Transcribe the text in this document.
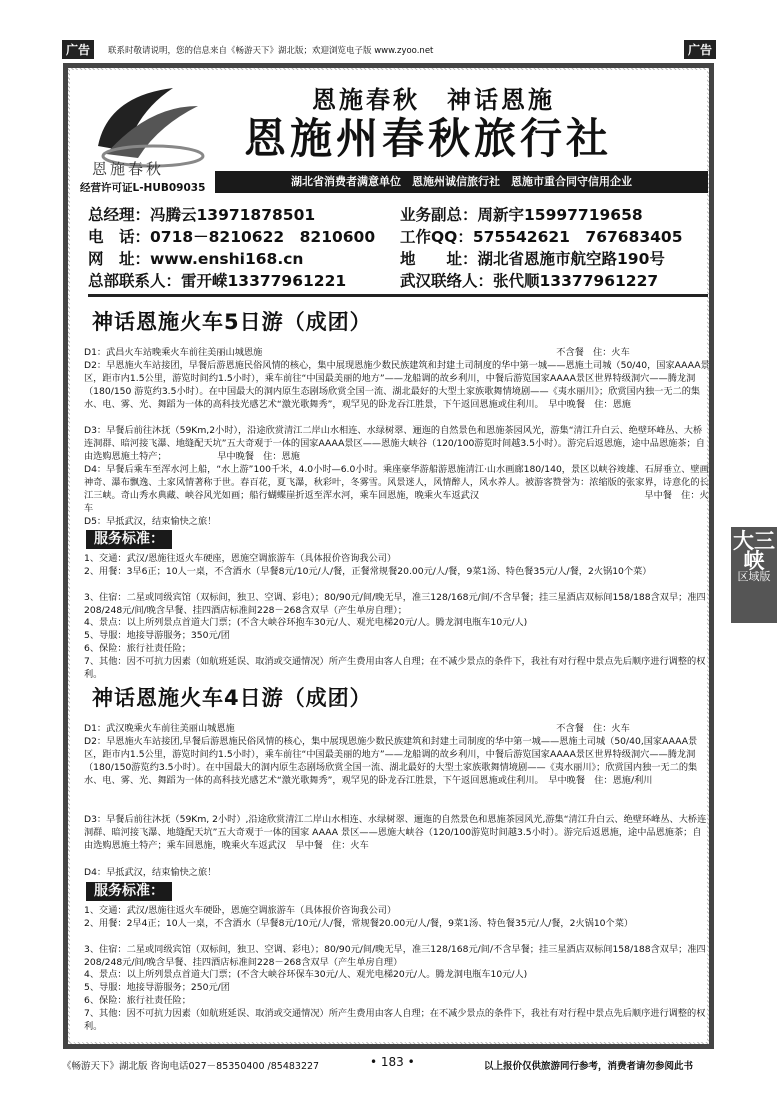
广告	广告
联系时敬请说明，您的信息来自《畅游天下》湖北版；欢迎浏览电子版 www.zyoo.net
恩施春秋
经营许可证L-HUB09035
恩施春秋　神话恩施
恩施州春秋旅行社
湖北省消费者满意单位　恩施州诚信旅行社　恩施市重合同守信用企业
总经理：冯腾云13971878501	业务副总：周新宇15997719658
电　话：0718－8210622　8210600 工作QQ：575542621　767683405
网　址：www.enshi168.cn	地　　址：湖北省恩施市航空路190号
总部联系人：雷开嵘13377961221	武汉联络人：张代顺13377961227
神话恩施火车5日游（成团）
D1：武昌火车站晚乘火车前往美丽山城恩施　　　　　　　　　　　　　　　　　　　　　　　　　　　　　　　　不含餐　住：火车
D2：早恩施火车站接团，早餐后游恩施民俗风情的核心，集中展现恩施少数民族建筑和封建土司制度的华中第一城——恩施土司城（50/40，国家AAAA景区，距市内1.5公里，游览时间约1.5小时），乘车前往“中国最美丽的地方”——龙船调的故乡利川，中餐后游览国家AAAA景区世界特级洞穴——腾龙洞（180/150 游览约3.5小时）。在中国最大的洞内原生态剧场欣赏全国一流、湖北最好的大型土家族歌舞情境剧——《夷水丽川》；欣赏国内独一无二的集水、电、雾、光、舞蹈为一体的高科技光感艺术“激光歌舞秀”，观罕见的卧龙吞江胜景，下午返回恩施或住利川。　早中晚餐　住：恩施
D3：早餐后前往沐抚（59Km,2小时），沿途欣赏清江二岸山水相连、水绿树翠、逦迤的自然景色和恩施茶园风光，游集“清江升白云、绝壁环峰丛、大桥连洞群、暗河接飞瀑、地缝配天坑”五大奇观于一体的国家AAAA景区——恩施大峡谷（120/100游览时间越3.5小时）。游完后返恩施，途中品恩施茶；自由选购恩施土特产；　　　　　　早中晚餐　住：恩施
D4：早餐后乘车至浑水河上船，“水上游”100千米，4.0小时—6.0小时。乘座豪华游船游恩施清江·山水画廊180/140，景区以峡谷竣雄、石屏垂立、壁画神奇、瀑布飘逸、土家风情著称于世。春百花，夏飞瀑，秋彩叶，冬雾雪。风景迷人，风情醉人，风水养人。被游客赞誉为：浓缩版的张家界，诗意化的长江三峡。奇山秀水典藏、峡谷风光如画；船行蝴蝶崖折返至浑水河，乘车回恩施，晚乘火车返武汉　　　　　　　　　　　　　　　　　　早中餐　住：火车
D5：早抵武汉，结束愉快之旅！
服务标准：
1、交通：武汉/恩施往返火车硬座，恩施空调旅游车（具体报价咨询我公司）
2、用餐：3早6正；10人一桌，不含酒水（早餐8元/10元/人/餐，正餐常规餐20.00元/人/餐，9菜1汤、特色餐35元/人/餐，2火锅10个菜）
3、住宿：二星或同级宾馆（双标间，独卫、空调、彩电）；80/90元/间/晚无早，准三128/168元/间/不含早餐；挂三星酒店双标间158/188含双早；准四208/248元/间/晚含早餐、挂四酒店标准间228－268含双早（产生单房自理）；
4、景点：以上所列景点首道大门票；(不含大峡谷环抱车30元/人、观光电梯20元/人。腾龙洞电瓶车10元/人)
5、导服：地接导游服务；350元/团
6、保险：旅行社责任险；
7、其他：因不可抗力因素（如航班延误、取消或交通情况）所产生费用由客人自理；在不减少景点的条件下，我社有对行程中景点先后顺序进行调整的权利。
神话恩施火车4日游（成团）
D1：武汉晚乘火车前往美丽山城恩施　　　　　　　　　　　　　　　　　　　　　　　　　　　　　　　　　　　不含餐　住：火车
D2：早恩施火车站接团,早餐后游恩施民俗风情的核心，集中展现恩施少数民族建筑和封建土司制度的华中第一城——恩施土司城（50/40,国家AAAA景区，距市内1.5公里，游览时间约1.5小时），乘车前往“中国最美丽的地方”——龙船调的故乡利川，中餐后游览国家AAAA景区世界特级洞穴——腾龙洞（180/150游览约3.5小时）。在中国最大的洞内原生态剧场欣赏全国一流、湖北最好的大型土家族歌舞情境剧——《夷水丽川》；欣赏国内独一无二的集水、电、雾、光、舞蹈为一体的高科技光感艺术“激光歌舞秀”，观罕见的卧龙吞江胜景，下午返回恩施或住利川。　早中晚餐　住：恩施/利川
D3：早餐后前往沐抚（59Km, 2小时）,沿途欣赏清江二岸山水相连、水绿树翠、逦迤的自然景色和恩施茶园风光,游集“清江升白云、绝壁环峰丛、大桥连洞群、暗河接飞瀑、地缝配天坑”五大奇观于一体的国家 AAAA 景区——恩施大峡谷（120/100游览时间越3.5小时）。游完后返恩施，途中品恩施茶；自由选购恩施土特产；乘车回恩施，晚乘火车返武汉　早中餐　住：火车
D4：早抵武汉，结束愉快之旅！
服务标准：
1、交通：武汉/恩施往返火车硬卧，恩施空调旅游车（具体报价咨询我公司）
2、用餐：2早4正；10人一桌，不含酒水（早餐8元/10元/人/餐，常规餐20.00元/人/餐，9菜1汤、特色餐35元/人/餐，2火锅10个菜）
3、住宿：二星或同级宾馆（双标间，独卫、空调、彩电）；80/90元/间/晚无早，准三128/168元/间/不含早餐；挂三星酒店双标间158/188含双早；准四208/248元/间/晚含早餐、挂四酒店标准间228－268含双早（产生单房自理）
4、景点：以上所列景点首道大门票；(不含大峡谷环保车30元/人、观光电梯20元/人。腾龙洞电瓶车10元/人)
5、导服：地接导游服务；250元/团
6、保险：旅行社责任险；
7、其他：因不可抗力因素（如航班延误、取消或交通情况）所产生费用由客人自理；在不减少景点的条件下，我社有对行程中景点先后顺序进行调整的权利。
大三峡
区域版
《畅游天下》湖北版 咨询电话027－85350400 /85483227	• 183 •	以上报价仅供旅游同行参考，消费者请勿参阅此书
